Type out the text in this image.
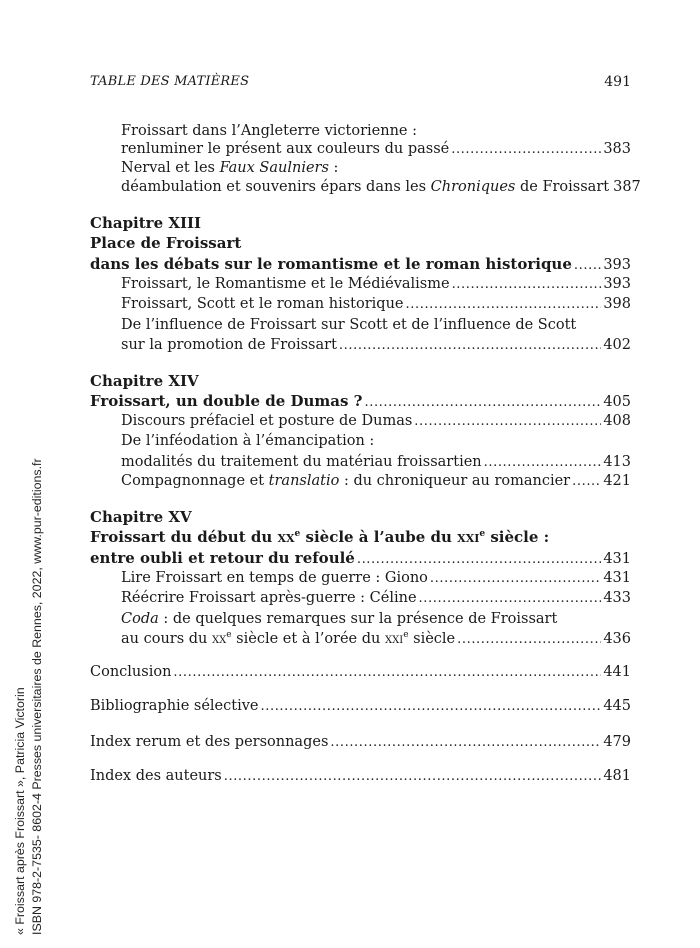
TABLE DES MATIÈRES	491
« Froissart après Froissart », Patricia Victorin ISBN 978-2-7535- 8602-4 Presses universitaires de Rennes, 2022, www.pur-editions.fr
Froissart dans l’Angleterre victorienne :
renluminer le présent aux couleurs du passé .....	383
Nerval et les Faux Saulniers :
déambulation et souvenirs épars dans les Chroniques de Froissart 387
Chapitre XIII
Place de Froissart
dans les débats sur le romantisme et le roman historique ..... 393
Froissart, le Romantisme et le Médiévalisme .....	393
Froissart, Scott et le roman historique .....	398
De l’influence de Froissart sur Scott et de l’influence de Scott
sur la promotion de Froissart .....	402
Chapitre XIV
Froissart, un double de Dumas ? .....	405
Discours préfaciel et posture de Dumas .....	408
De l’inféodation à l’émancipation :
modalités du traitement du matériau froissartien .....	413
Compagnonnage et translatio : du chroniqueur au romancier ..... 421
Chapitre XV
Froissart du début du $xx^e$ siècle à l’aube du xxi$^e$ siècle :
entre oubli et retour du refoulé .....	431
Lire Froissart en temps de guerre : Giono .....	431
Réécrire Froissart après-guerre : Céline .....	433
Coda : de quelques remarques sur la présence de Froissart
au cours du $xx^e$ siècle et à l’orée du xxi$^e$ siècle .....	436
Conclusion .....	441
Bibliographie sélective .....	445
Index rerum et des personnages .....	479
Index des auteurs .....	481
